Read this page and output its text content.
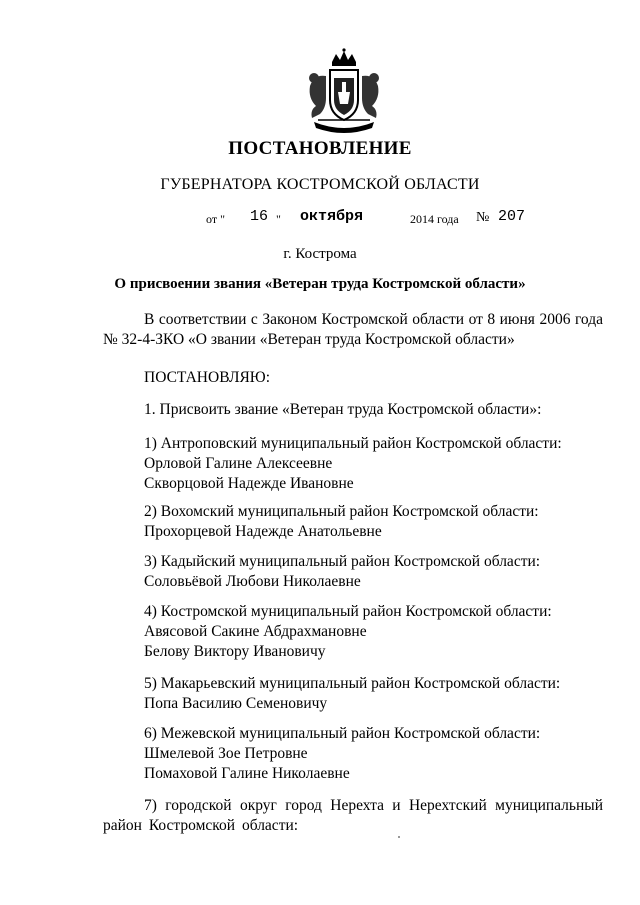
ПОСТАНОВЛЕНИЕ
ГУБЕРНАТОРА КОСТРОМСКОЙ ОБЛАСТИ
от " 16 " октября	2014 года № 207
г. Кострома
О присвоении звания «Ветеран труда Костромской области»
В соответствии с Законом Костромской области от 8 июня 2006 года № 32-4-ЗКО «О звании «Ветеран труда Костромской области»
ПОСТАНОВЛЯЮ:
1. Присвоить звание «Ветеран труда Костромской области»:
1) Антроповский муниципальный район Костромской области:
Орловой Галине Алексеевне
Скворцовой Надежде Ивановне
2) Вохомский муниципальный район Костромской области:
Прохорцевой Надежде Анатольевне
3) Кадыйский муниципальный район Костромской области:
Соловьёвой Любови Николаевне
4) Костромской муниципальный район Костромской области:
Авясовой Сакине Абдрахмановне
Белову Виктору Ивановичу
5) Макарьевский муниципальный район Костромской области:
Попа Василию Семеновичу
6) Межевской муниципальный район Костромской области:
Шмелевой Зое Петровне
Помаховой Галине Николаевне
7) городской округ город Нерехта и Нерехтский муниципальный район Костромской области:
